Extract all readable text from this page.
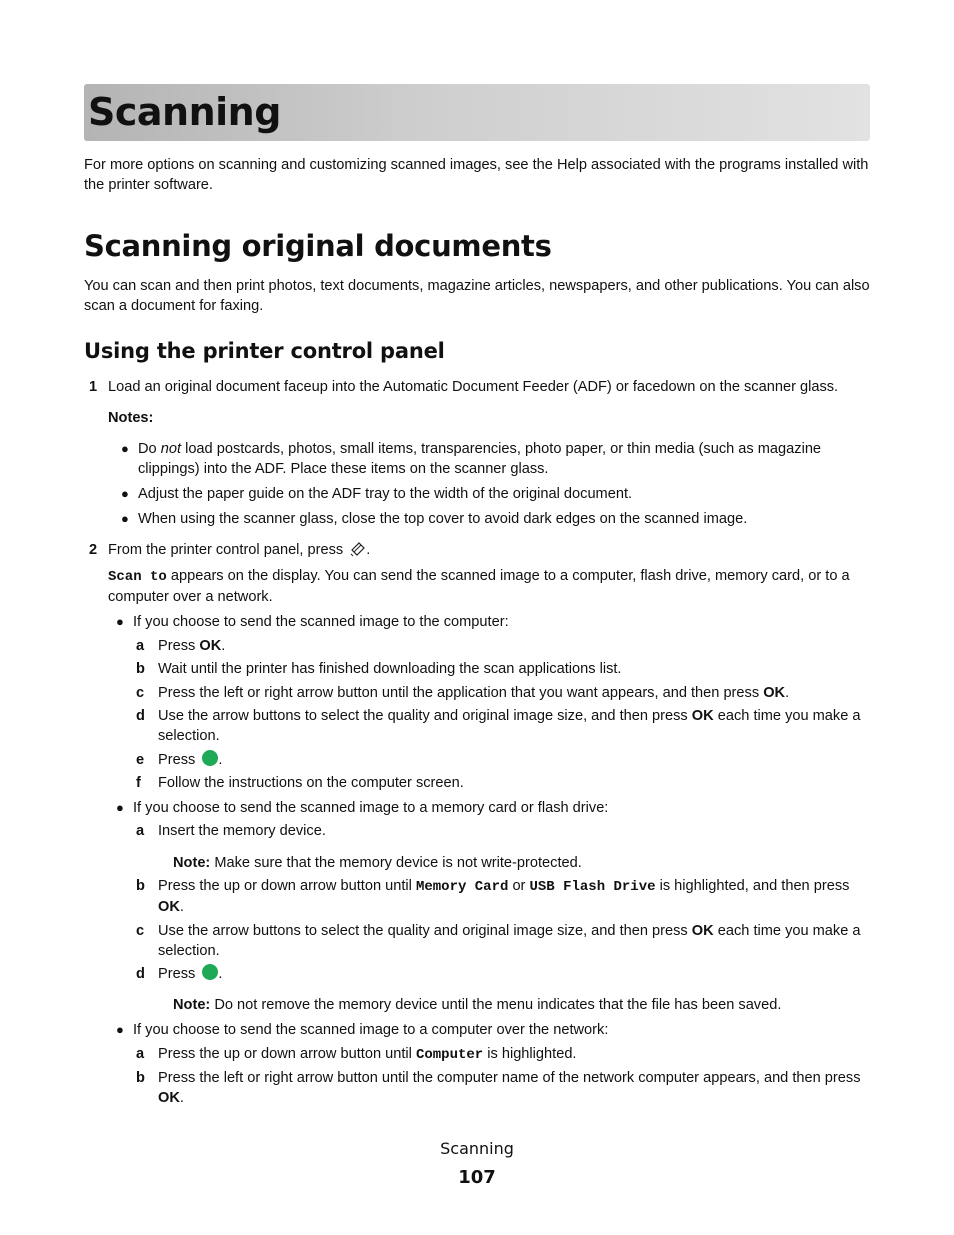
Scanning
For more options on scanning and customizing scanned images, see the Help associated with the programs installed with the printer software.
Scanning original documents
You can scan and then print photos, text documents, magazine articles, newspapers, and other publications. You can also scan a document for faxing.
Using the printer control panel
1 Load an original document faceup into the Automatic Document Feeder (ADF) or facedown on the scanner glass.
Notes:
● Do not load postcards, photos, small items, transparencies, photo paper, or thin media (such as magazine clippings) into the ADF. Place these items on the scanner glass.
● Adjust the paper guide on the ADF tray to the width of the original document.
● When using the scanner glass, close the top cover to avoid dark edges on the scanned image.
2 From the printer control panel, press .
Scan to appears on the display. You can send the scanned image to a computer, flash drive, memory card, or to a computer over a network.
● If you choose to send the scanned image to the computer:
a Press OK.
b Wait until the printer has finished downloading the scan applications list.
c Press the left or right arrow button until the application that you want appears, and then press OK.
d Use the arrow buttons to select the quality and original image size, and then press OK each time you make a selection.
e Press .
f	Follow the instructions on the computer screen.
● If you choose to send the scanned image to a memory card or flash drive:
a Insert the memory device.
Note: Make sure that the memory device is not write-protected.
b Press the up or down arrow button until Memory Card or USB Flash Drive is highlighted, and then press OK.
c Use the arrow buttons to select the quality and original image size, and then press OK each time you make a selection.
d Press .
Note: Do not remove the memory device until the menu indicates that the file has been saved.
● If you choose to send the scanned image to a computer over the network:
a Press the up or down arrow button until Computer is highlighted.
b Press the left or right arrow button until the computer name of the network computer appears, and then press OK.
Scanning
107
